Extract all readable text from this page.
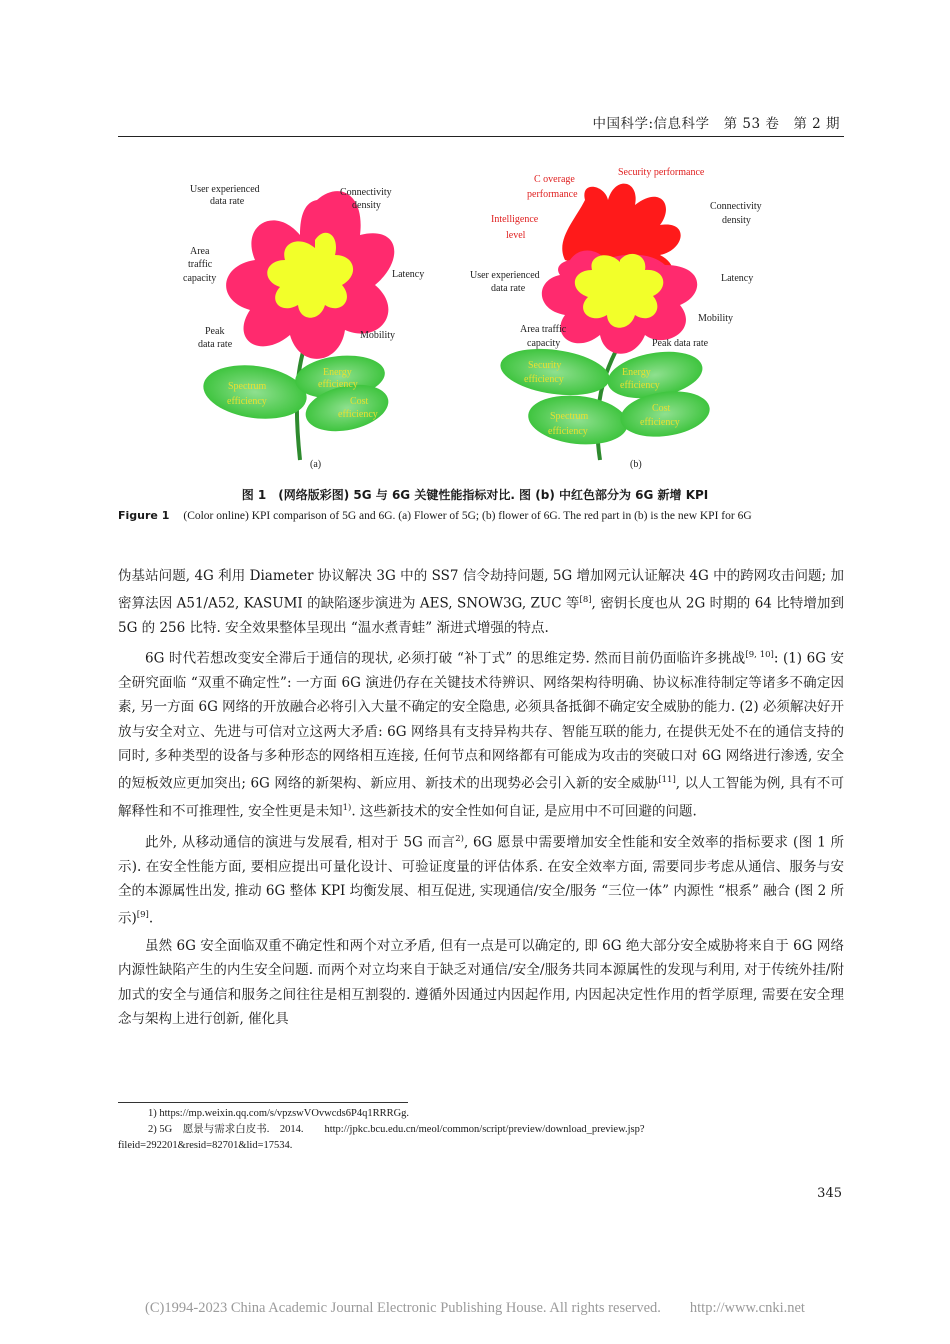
中国科学:信息科学　 第 53 卷　 第 2 期
User experienced
data rate
Connectivity
density
Area
traffic
capacity	Latency
Peak
data rate
Mobility
Spectrum
efficiency
Energy
efficiency
Cost
efficiency
(a)
C overage
performance
Security performance
Intelligence
level
Connectivity
density
User experienced
data rate
Latency
Mobility
Area traffic
capacity	Peak data rate
Security
efficiency
Energy
efficiency
Spectrum
efficiency
Cost
efficiency
(b)
图 1　(网络版彩图) 5G 与 6G 关键性能指标对比. 图 (b) 中红色部分为 6G 新增 KPI
Figure 1 (Color online) KPI comparison of 5G and 6G. (a) Flower of 5G; (b) flower of 6G. The red part in (b) is the new KPI for 6G

伪基站问题, 4G 利用 Diameter 协议解决 3G 中的 SS7 信令劫持问题, 5G 增加网元认证解决 4G 中的跨网攻击问题; 加密算法因 A51/A52, KASUMI 的缺陷逐步演进为 AES, SNOW3G, ZUC 等[8], 密钥长度也从 2G 时期的 64 比特增加到 5G 的 256 比特. 安全效果整体呈现出 “温水煮青蛙” 渐进式增强的特点.

6G 时代若想改变安全滞后于通信的现状, 必须打破 “补丁式” 的思维定势. 然而目前仍面临许多挑战[9, 10]: (1) 6G 安全研究面临 “双重不确定性”: 一方面 6G 演进仍存在关键技术待辨识、网络架构待明确、协议标准待制定等诸多不确定因素, 另一方面 6G 网络的开放融合必将引入大量不确定的安全隐患, 必须具备抵御不确定安全威胁的能力. (2) 必须解决好开放与安全对立、先进与可信对立这两大矛盾: 6G 网络具有支持异构共存、智能互联的能力, 在提供无处不在的通信支持的同时, 多种类型的设备与多种形态的网络相互连接, 任何节点和网络都有可能成为攻击的突破口对 6G 网络进行渗透, 安全的短板效应更加突出; 6G 网络的新架构、新应用、新技术的出现势必会引入新的安全威胁[11], 以人工智能为例, 具有不可解释性和不可推理性, 安全性更是未知$^{1)}$. 这些新技术的安全性如何自证, 是应用中不可回避的问题.

此外, 从移动通信的演进与发展看, 相对于 5G 而言$^{2)}$, 6G 愿景中需要增加安全性能和安全效率的指标要求 (图 1 所示). 在安全性能方面, 要相应提出可量化设计、可验证度量的评估体系. 在安全效率方面, 需要同步考虑从通信、服务与安全的本源属性出发, 推动 6G 整体 KPI 均衡发展、相互促进, 实现通信/安全/服务 “三位一体” 内源性 “根系” 融合 (图 2 所示)[9].

虽然 6G 安全面临双重不确定性和两个对立矛盾, 但有一点是可以确定的, 即 6G 绝大部分安全威胁将来自于 6G 网络内源性缺陷产生的内生安全问题. 而两个对立均来自于缺乏对通信/安全/服务共同本源属性的发现与利用, 对于传统外挂/附加式的安全与通信和服务之间往往是相互割裂的. 遵循外因通过内因起作用, 内因起决定性作用的哲学原理, 需要在安全理念与架构上进行创新, 催化具

1) https://mp.weixin.qq.com/s/vpzswVOvwcds6P4q1RRRGg.
2) 5G　愿景与需求白皮书.　2014.　　http://jpkc.bcu.edu.cn/meol/common/script/preview/download_preview.jsp?
fileid=292201&resid=82701&lid=17534.
345
(C)1994-2023 China Academic Journal Electronic Publishing House. All rights reserved.　　http://www.cnki.net
